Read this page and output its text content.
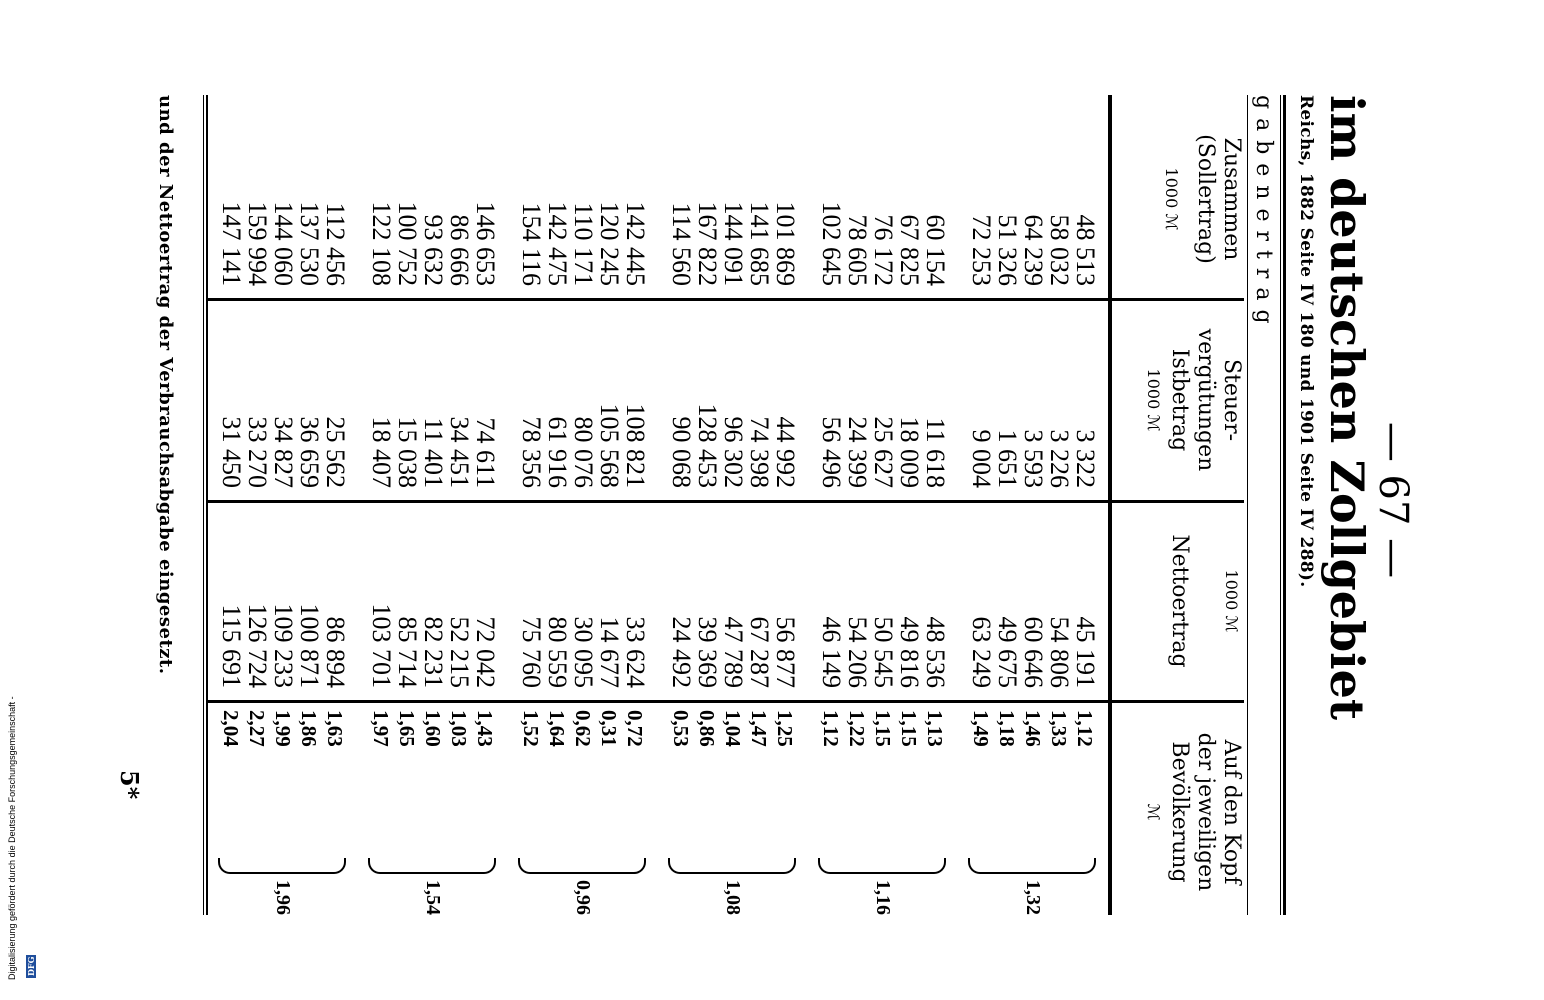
— 67 —
im deutschen Zollgebiet
Reichs, 1882 Seite IV 180 und 1901 Seite IV 288).
gabenertrag
Zusammen
(Sollertrag)
1000 ℳ
Steuer-
vergütungen
Istbetrag
1000 ℳ
1000 ℳ
Nettoertrag
Auf den Kopf
der jeweiligen
Bevölkerung
ℳ
48 513
58 032
64 239
51 326
72 253
60 154
67 825
76 172
78 605
102 645
101 869
141 685
144 091
167 822
114 560
142 445
120 245
110 171
142 475
154 116
146 653
86 666
93 632
100 752
122 108
112 456
137 530
144 060
159 994
147 141
3 322
3 226
3 593
1 651
9 004
11 618
18 009
25 627
24 399
56 496
44 992
74 398
96 302
128 453
90 068
108 821
105 568
80 076
61 916
78 356
74 611
34 451
11 401
15 038
18 407
25 562
36 659
34 827
33 270
31 450
45 191
54 806
60 646
49 675
63 249
48 536
49 816
50 545
54 206
46 149
56 877
67 287
47 789
39 369
24 492
33 624
14 677
30 095
80 559
75 760
72 042
52 215
82 231
85 714
103 701
86 894
100 871
109 233
126 724
115 691
1,12
1,33
1,46
1,18
1,49
1,13
1,15
1,15
1,22
1,12
1,25
1,47
1,04
0,86
0,53
0,72
0,31
0,62
1,64
1,52
1,43
1,03
1,60
1,65
1,97
1,63
1,86
1,99
2,27
2,04
1,32
1,16
1,08
0,96
1,54
1,96
und der Nettoertrag der Verbrauchsabgabe eingesetzt.
5*
Digitalisierung gefördert durch die Deutsche Forschungsgemeinschaft - DFG
